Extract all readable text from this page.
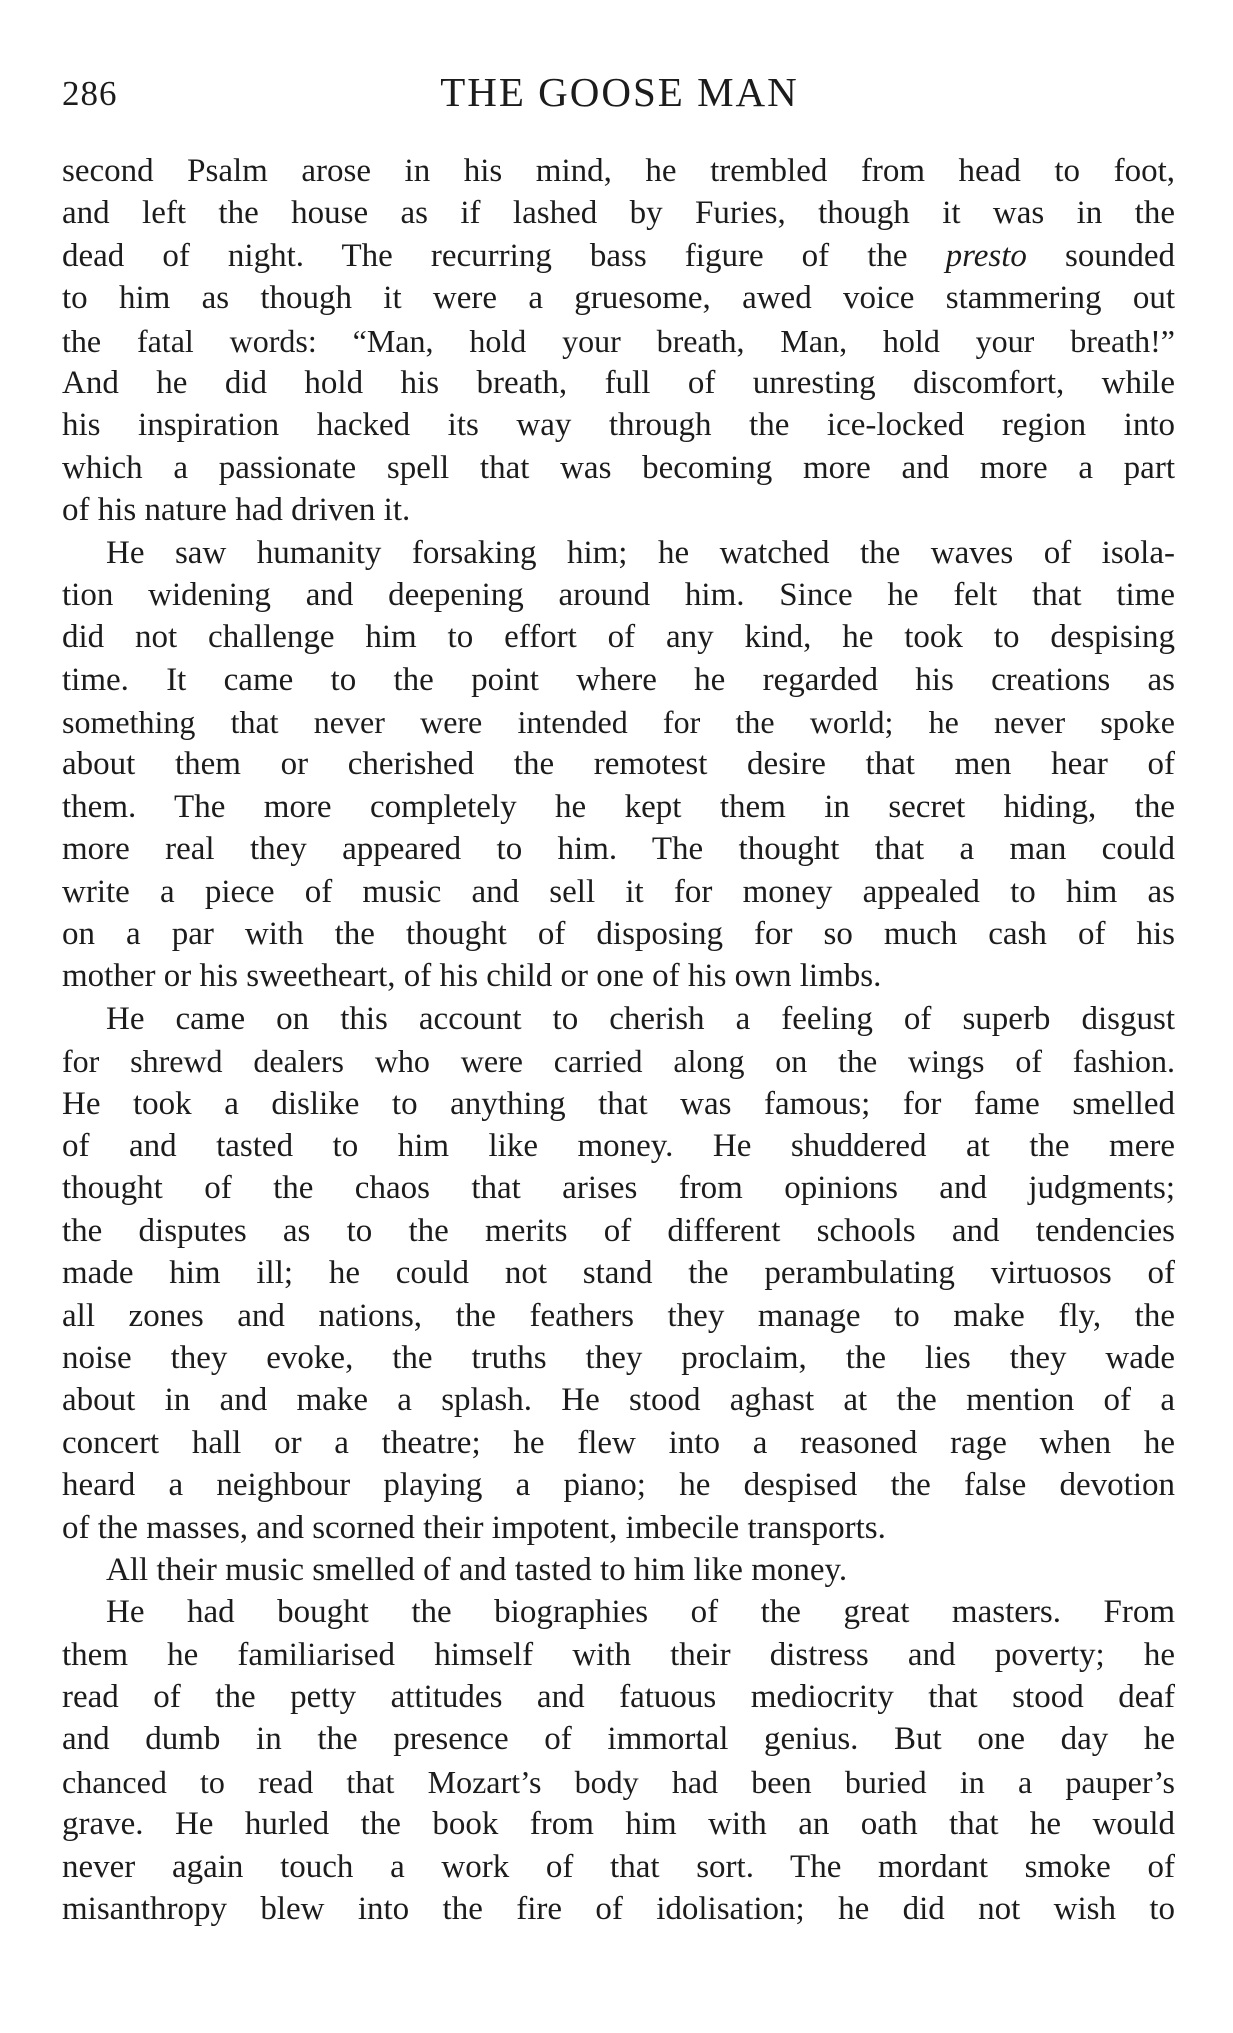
286	THE GOOSE MAN
second Psalm arose in his mind, he trembled from head to foot,
and left the house as if lashed by Furies, though it was in the
dead of night. The recurring bass figure of the presto sounded
to him as though it were a gruesome, awed voice stammering out
the fatal words: “Man, hold your breath, Man, hold your breath!”
And he did hold his breath, full of unresting discomfort, while
his inspiration hacked its way through the ice-locked region into
which a passionate spell that was becoming more and more a part
of his nature had driven it.
He saw humanity forsaking him; he watched the waves of isola-
tion widening and deepening around him. Since he felt that time
did not challenge him to effort of any kind, he took to despising
time. It came to the point where he regarded his creations as
something that never were intended for the world; he never spoke
about them or cherished the remotest desire that men hear of
them. The more completely he kept them in secret hiding, the
more real they appeared to him. The thought that a man could
write a piece of music and sell it for money appealed to him as
on a par with the thought of disposing for so much cash of his
mother or his sweetheart, of his child or one of his own limbs.
He came on this account to cherish a feeling of superb disgust
for shrewd dealers who were carried along on the wings of fashion.
He took a dislike to anything that was famous; for fame smelled
of and tasted to him like money. He shuddered at the mere
thought of the chaos that arises from opinions and judgments;
the disputes as to the merits of different schools and tendencies
made him ill; he could not stand the perambulating virtuosos of
all zones and nations, the feathers they manage to make fly, the
noise they evoke, the truths they proclaim, the lies they wade
about in and make a splash. He stood aghast at the mention of a
concert hall or a theatre; he flew into a reasoned rage when he
heard a neighbour playing a piano; he despised the false devotion
of the masses, and scorned their impotent, imbecile transports.
All their music smelled of and tasted to him like money.
He had bought the biographies of the great masters. From
them he familiarised himself with their distress and poverty; he
read of the petty attitudes and fatuous mediocrity that stood deaf
and dumb in the presence of immortal genius. But one day he
chanced to read that Mozart’s body had been buried in a pauper’s
grave. He hurled the book from him with an oath that he would
never again touch a work of that sort. The mordant smoke of
misanthropy blew into the fire of idolisation; he did not wish to
